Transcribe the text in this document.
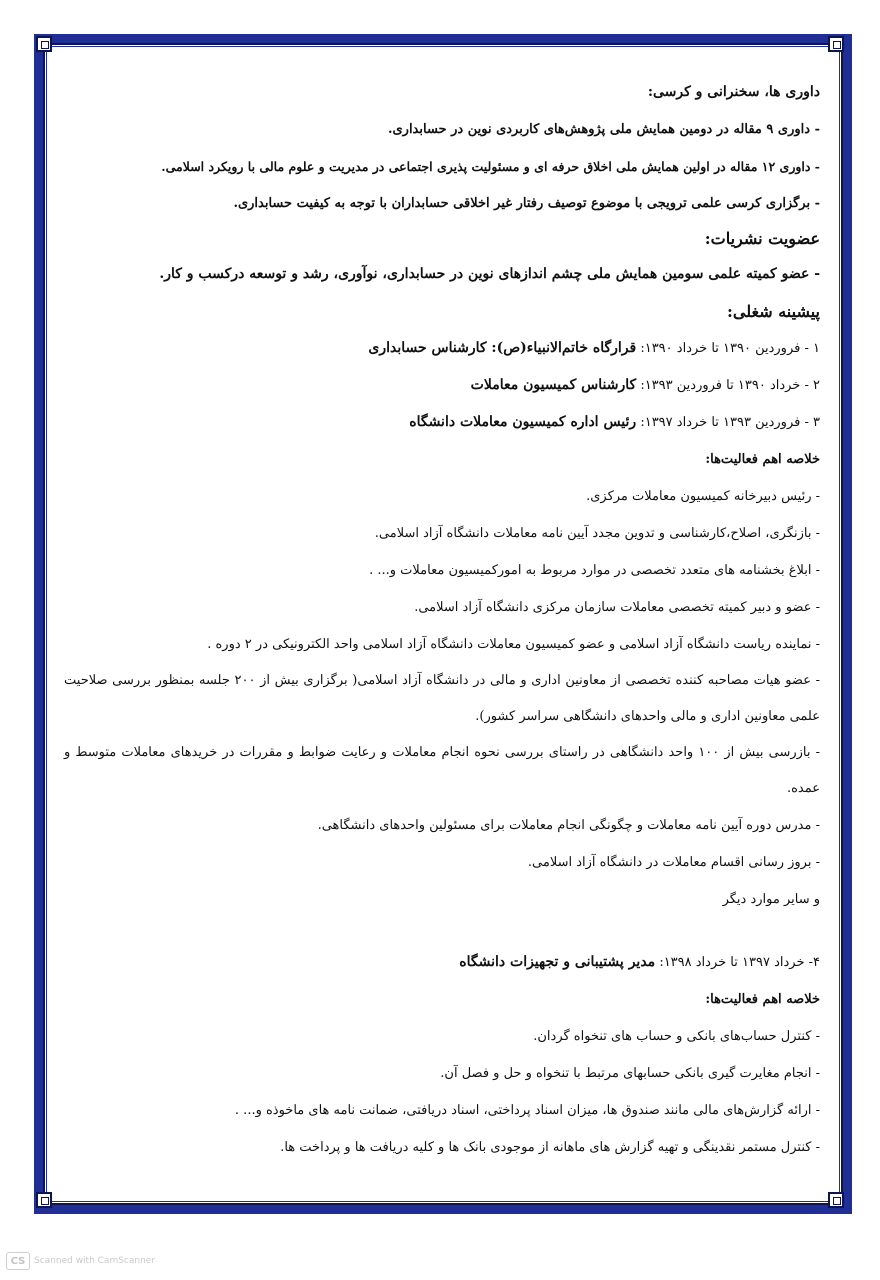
داوری ها، سخنرانی و کرسی:
- داوری ۹ مقاله در دومین همایش ملی پژوهش‌های کاربردی نوین در حسابداری.
- داوری ۱۲ مقاله در اولین همایش ملی اخلاق حرفه ای و مسئولیت پذیری اجتماعی در مدیریت و علوم مالی با رویکرد اسلامی.
- برگزاری کرسی علمی ترویجی با موضوع توصیف رفتار غیر اخلاقی حسابداران با توجه به کیفیت حسابداری.
عضویت نشریات:
- عضو کمیته علمی سومین همایش ملی چشم اندازهای نوین در حسابداری، نوآوری، رشد و توسعه درکسب و کار.
پیشینه شغلی:
۱ - فروردین ۱۳۹۰ تا خرداد ۱۳۹۰: قرارگاه خاتم‌الانبیاء(ص): کارشناس حسابداری
۲ - خرداد ۱۳۹۰ تا فروردین ۱۳۹۳: کارشناس کمیسیون معاملات
۳ - فروردین ۱۳۹۳ تا خرداد ۱۳۹۷: رئیس اداره کمیسیون معاملات دانشگاه
خلاصه اهم فعالیت‌ها:
- رئیس دبیرخانه کمیسیون معاملات مرکزی.
- بازنگری، اصلاح،کارشناسی و تدوین مجدد آیین نامه معاملات دانشگاه آزاد اسلامی.
- ابلاغ بخشنامه های متعدد تخصصی در موارد مربوط به امورکمیسیون معاملات و... .
- عضو و دبیر کمیته تخصصی معاملات سازمان مرکزی دانشگاه آزاد اسلامی.
- نماینده ریاست دانشگاه آزاد اسلامی و عضو کمیسیون معاملات دانشگاه آزاد اسلامی واحد الکترونیکی در ۲ دوره .
- عضو هیات مصاحبه کننده تخصصی از معاونین اداری و مالی در دانشگاه آزاد اسلامی( برگزاری بیش از ۲۰۰ جلسه بمنظور بررسی صلاحیت علمی معاونین اداری و مالی واحدهای دانشگاهی سراسر کشور).
- بازرسی بیش از ۱۰۰ واحد دانشگاهی در راستای بررسی نحوه انجام معاملات و رعایت ضوابط و مقررات در خریدهای معاملات متوسط و عمده.
- مدرس دوره آیین نامه معاملات و چگونگی انجام معاملات برای مسئولین واحدهای دانشگاهی.
- بروز رسانی اقسام معاملات در دانشگاه آزاد اسلامی.
و سایر موارد دیگر
۴- خرداد ۱۳۹۷ تا خرداد ۱۳۹۸: مدیر پشتیبانی و تجهیزات دانشگاه
خلاصه اهم فعالیت‌ها:
- کنترل حساب‌های بانکی و حساب های تنخواه گردان.
- انجام مغایرت گیری بانکی حسابهای مرتبط با تنخواه و حل و فصل آن.
- ارائه گزارش‌های مالی مانند صندوق ها، میزان اسناد پرداختی، اسناد دریافتی، ضمانت نامه های ماخوذه و... .
- کنترل مستمر نقدینگی و تهیه گزارش های ماهانه از موجودی بانک ها و کلیه دریافت ها و پرداخت ها.
CS Scanned with CamScanner
